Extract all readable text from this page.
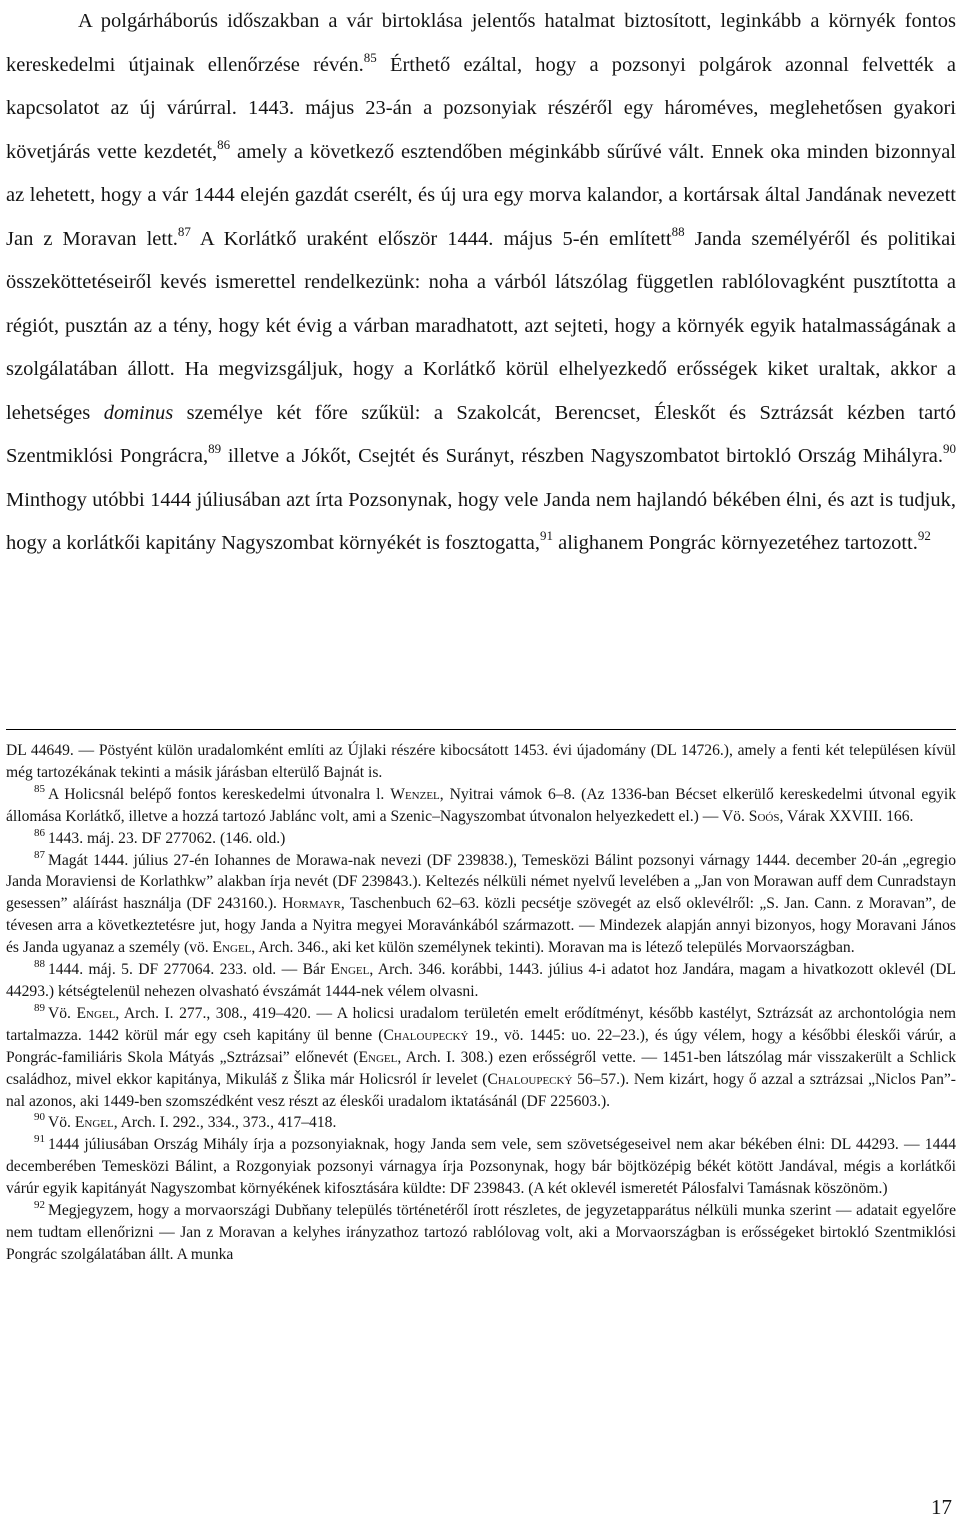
A polgárháborús időszakban a vár birtoklása jelentős hatalmat biztosított, leginkább a környék fontos kereskedelmi útjainak ellenőrzése révén.$^{85}$ Érthető ezáltal, hogy a pozsonyi polgárok azonnal felvették a kapcsolatot az új várúrral. 1443. május 23-án a pozsonyiak részéről egy hároméves, meglehetősen gyakori követjárás vette kezdetét,$^{86}$ amely a következő esztendőben méginkább sűrűvé vált. Ennek oka minden bizonnyal az lehetett, hogy a vár 1444 elején gazdát cserélt, és új ura egy morva kalandor, a kortársak által Jandának nevezett Jan z Moravan lett.$^{87}$ A Korlátkő uraként először 1444. május 5-én említett$^{88}$ Janda személyéről és politikai összeköttetéseiről kevés ismerettel rendelkezünk: noha a várból látszólag független rablólovagként pusztította a régiót, pusztán az a tény, hogy két évig a várban maradhatott, azt sejteti, hogy a környék egyik hatalmasságának a szolgálatában állott. Ha megvizsgáljuk, hogy a Korlátkő körül elhelyezkedő erősségek kiket uraltak, akkor a lehetséges dominus személye két főre szűkül: a Szakolcát, Berencset, Éleskőt és Sztrázsát kézben tartó Szentmiklósi Pongrácra,$^{89}$ illetve a Jókőt, Csejtét és Surányt, részben Nagyszombatot birtokló Ország Mihályra.$^{90}$ Minthogy utóbbi 1444 júliusában azt írta Pozsonynak, hogy vele Janda nem hajlandó békében élni, és azt is tudjuk, hogy a korlátkői kapitány Nagyszombat környékét is fosztogatta,$^{91}$ alighanem Pongrác környezetéhez tartozott.$^{92}$

DL 44649. — Pöstyént külön uradalomként említi az Újlaki részére kibocsátott 1453. évi újadomány (DL 14726.), amely a fenti két településen kívül még tartozékának tekinti a másik járásban elterülő Bajnát is.

$^{85}$ A Holicsnál belépő fontos kereskedelmi útvonalra l. Wenzel, Nyitrai vámok 6–8. (Az 1336-ban Bécset elkerülő kereskedelmi útvonal egyik állomása Korlátkő, illetve a hozzá tartozó Jablánc volt, ami a Szenic–Nagyszombat útvonalon helyezkedett el.) — Vö. Soós, Várak XXVIII. 166.

$^{86}$ 1443. máj. 23. DF 277062. (146. old.)

$^{87}$ Magát 1444. július 27-én Iohannes de Morawa-nak nevezi (DF 239838.), Temesközi Bálint pozsonyi várnagy 1444. december 20-án „egregio Janda Moraviensi de Korlathkw” alakban írja nevét (DF 239843.). Keltezés nélküli német nyelvű levelében a „Jan von Morawan auff dem Cunradstayn gesessen” aláírást használja (DF 243160.). Hormayr, Taschenbuch 62–63. közli pecsétje szövegét az első oklevélről: „S. Jan. Cann. z Moravan”, de tévesen arra a következtetésre jut, hogy Janda a Nyitra megyei Moravánkából származott. — Mindezek alapján annyi bizonyos, hogy Moravani János és Janda ugyanaz a személy (vö. Engel, Arch. 346., aki ket külön személynek tekinti). Moravan ma is létező település Morvaországban.

$^{88}$ 1444. máj. 5. DF 277064. 233. old. — Bár Engel, Arch. 346. korábbi, 1443. július 4-i adatot hoz Jandára, magam a hivatkozott oklevél (DL 44293.) kétségtelenül nehezen olvasható évszámát 1444-nek vélem olvasni.

$^{89}$ Vö. Engel, Arch. I. 277., 308., 419–420. — A holicsi uradalom területén emelt erődítményt, később kastélyt, Sztrázsát az archontológia nem tartalmazza. 1442 körül már egy cseh kapitány ül benne (Chaloupecký 19., vö. 1445: uo. 22–23.), és úgy vélem, hogy a későbbi éleskői várúr, a Pongrác-familiáris Skola Mátyás „Sztrázsai” előnevét (Engel, Arch. I. 308.) ezen erősségről vette. — 1451-ben látszólag már visszakerült a Schlick családhoz, mivel ekkor kapitánya, Mikuláš z Šlika már Holicsról ír levelet (Chaloupecký 56–57.). Nem kizárt, hogy ő azzal a sztrázsai „Niclos Pan”-nal azonos, aki 1449-ben szomszédként vesz részt az éleskői uradalom iktatásánál (DF 225603.).

$^{90}$ Vö. Engel, Arch. I. 292., 334., 373., 417–418.

$^{91}$ 1444 júliusában Ország Mihály írja a pozsonyiaknak, hogy Janda sem vele, sem szövetségeseivel nem akar békében élni: DL 44293. — 1444 decemberében Temesközi Bálint, a Rozgonyiak pozsonyi várnagya írja Pozsonynak, hogy bár böjtközépig békét kötött Jandával, mégis a korlátkői várúr egyik kapitányát Nagyszombat környékének kifosztására küldte: DF 239843. (A két oklevél ismeretét Pálosfalvi Tamásnak köszönöm.)

$^{92}$ Megjegyzem, hogy a morvaországi Dubňany település történetéről írott részletes, de jegyzetapparátus nélküli munka szerint — adatait egyelőre nem tudtam ellenőrizni — Jan z Moravan a kelyhes irányzathoz tartozó rablólovag volt, aki a Morvaországban is erősségeket birtokló Szentmiklósi Pongrác szolgálatában állt. A munka

17
